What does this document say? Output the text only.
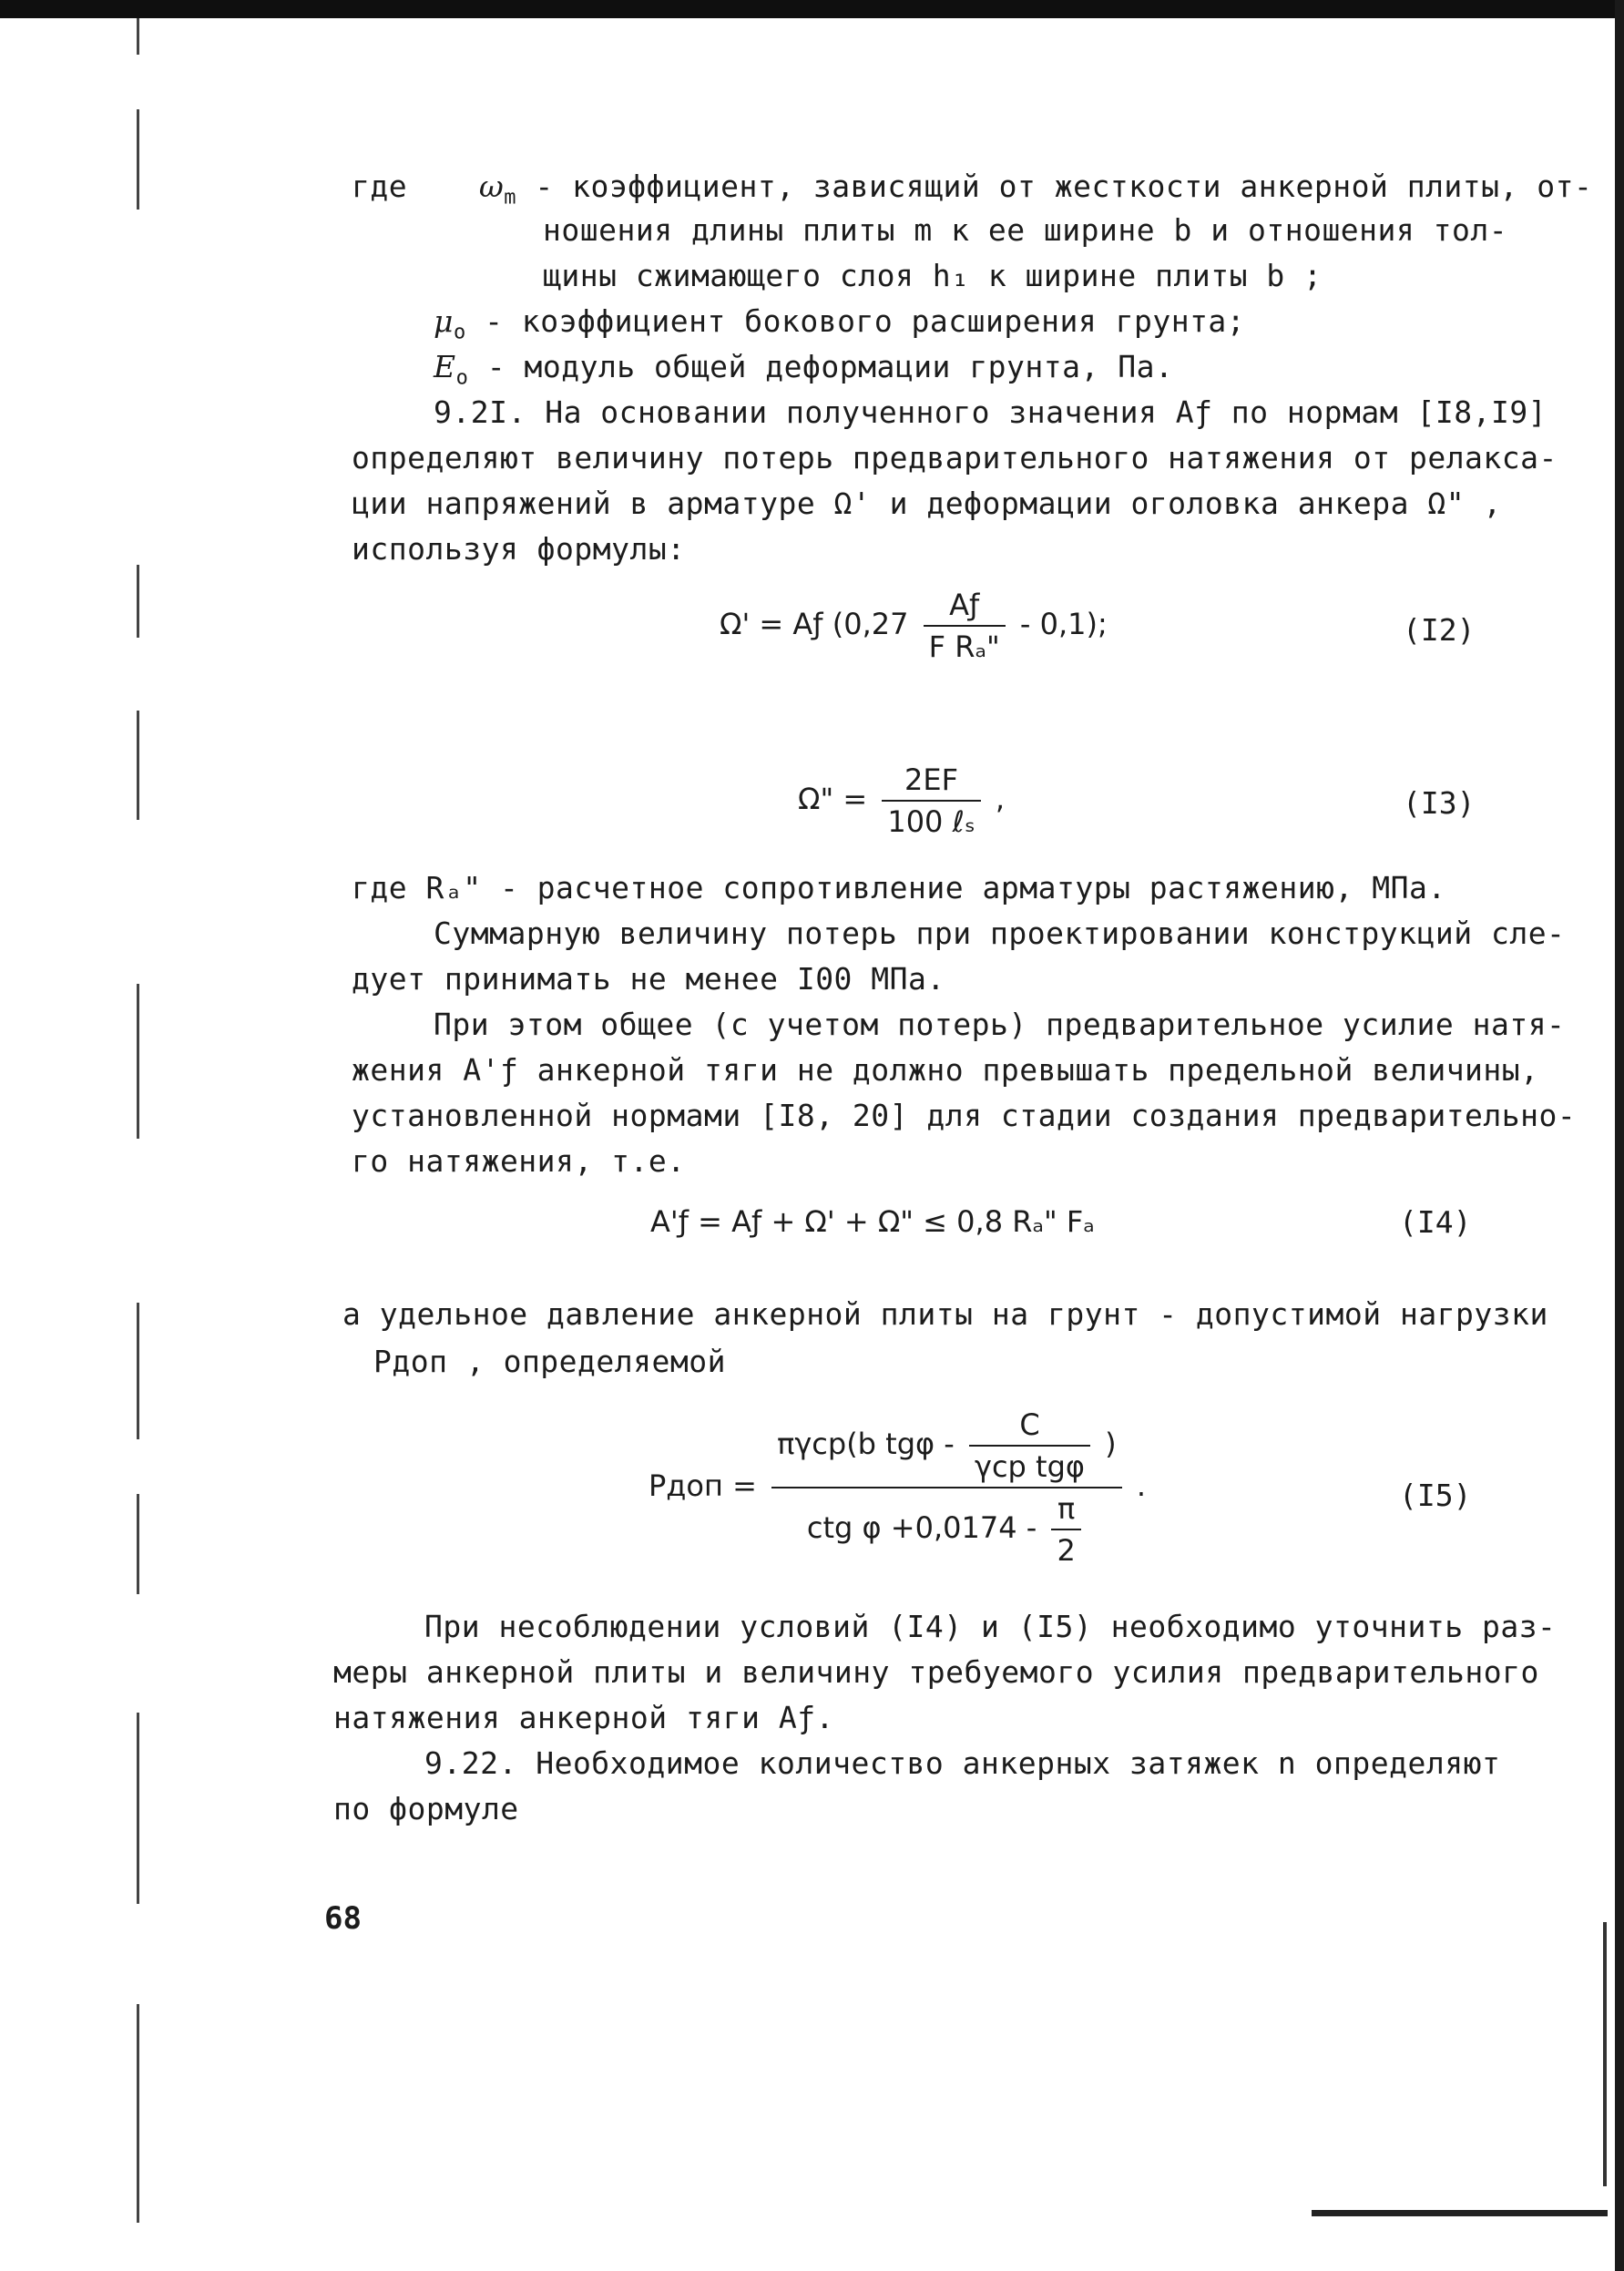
где $\omega_m$ - коэффициент, зависящий от жесткости анкерной плиты, от-
ношения длины плиты m к ее ширине b и отношения тол-
щины сжимающего слоя h₁ к ширине плиты b ;
$\mu_o$ - коэффициент бокового расширения грунта;
$E_o$ - модуль общей деформации грунта, Па.
9.2I. На основании полученного значения Aƒ по нормам [I8,I9]
определяют величину потерь предварительного натяжения от релакса-
ции напряжений в арматуре Ω' и деформации оголовка анкера Ω" ,
используя формулы:
Ω' = Aƒ $(0,27 \frac{Aƒ}{\text{F Rₐ"}} - 0,1)$;	(I2)
Ω" = $\frac{2EF}{\text{100 ℓₛ}}$ ,	(I3)
где Rₐ" - расчетное сопротивление арматуры растяжению, МПа.
Суммарную величину потерь при проектировании конструкций сле-
дует принимать не менее I00 МПа.
При этом общее (с учетом потерь) предварительное усилие натя-
жения A'ƒ анкерной тяги не должно превышать предельной величины,
установленной нормами [I8, 20] для стадии создания предварительно-
го натяжения, т.е.
A'ƒ = Aƒ + Ω' + Ω" ≤ 0,8 Rₐ" Fₐ	(I4)
а удельное давление анкерной плиты на грунт - допустимой нагрузки
Pдоп , определяемой
Pдоп =
πγcp(b tgφ - $\frac{C}{\text{γcp tgφ}}$ )
ctg $\varphi +0,0174 - \frac{\pi}{2}$
.	(I5)
При несоблюдении условий (I4) и (I5) необходимо уточнить раз-
меры анкерной плиты и величину требуемого усилия предварительного
натяжения анкерной тяги Aƒ.
9.22. Необходимое количество анкерных затяжек n определяют
по формуле
68
